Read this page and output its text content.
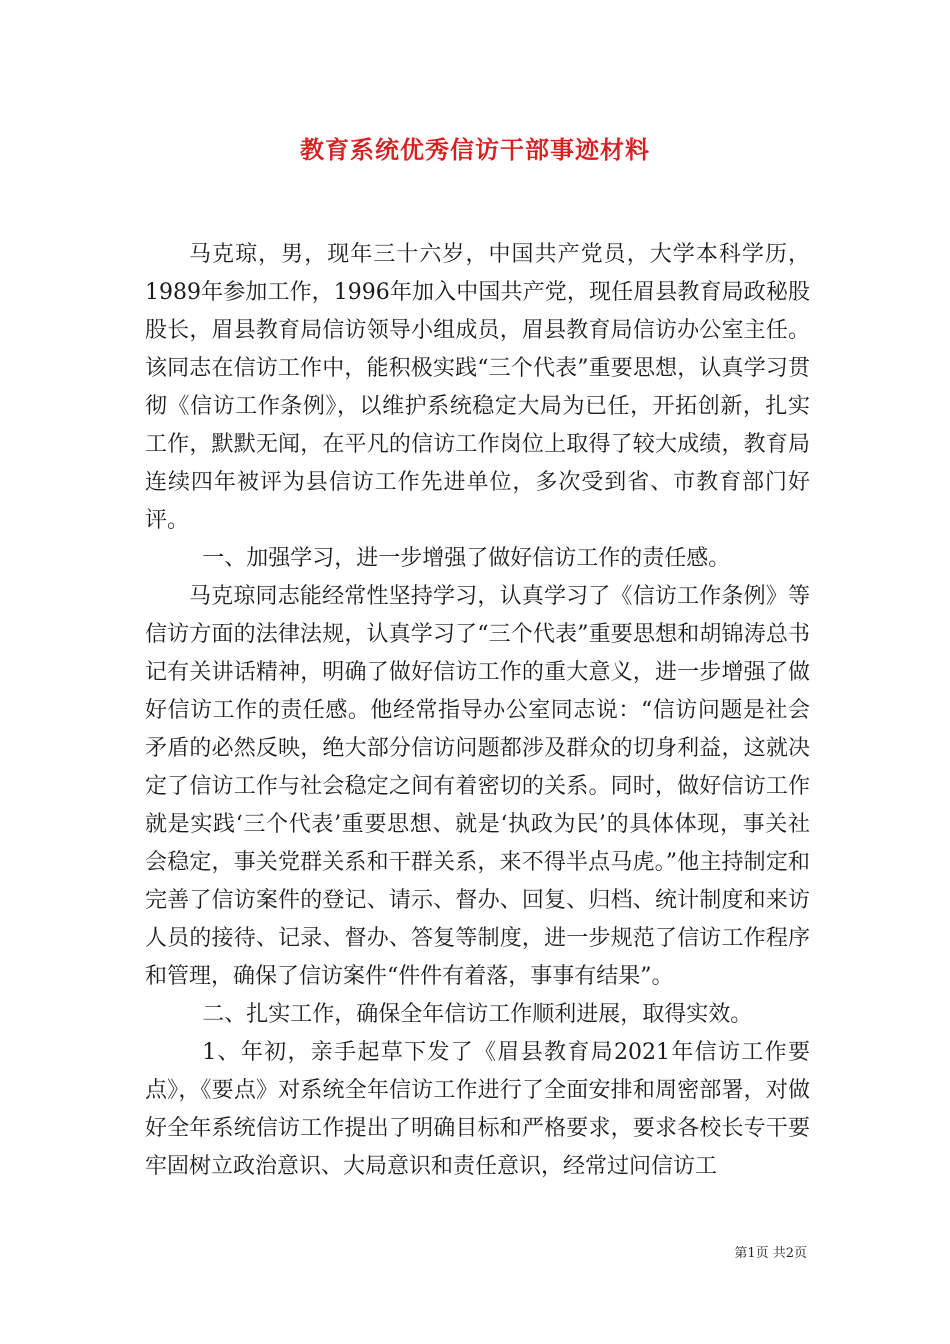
教育系统优秀信访干部事迹材料

马克琼，男，现年三十六岁，中国共产党员，大学本科学历，1989年参加工作，1996年加入中国共产党，现任眉县教育局政秘股股长，眉县教育局信访领导小组成员，眉县教育局信访办公室主任。该同志在信访工作中，能积极实践“三个代表”重要思想，认真学习贯彻《信访工作条例》，以维护系统稳定大局为已任，开拓创新，扎实工作，默默无闻，在平凡的信访工作岗位上取得了较大成绩，教育局连续四年被评为县信访工作先进单位，多次受到省、市教育部门好评。

一、加强学习，进一步增强了做好信访工作的责任感。

马克琼同志能经常性坚持学习，认真学习了《信访工作条例》等信访方面的法律法规，认真学习了“三个代表”重要思想和胡锦涛总书记有关讲话精神，明确了做好信访工作的重大意义，进一步增强了做好信访工作的责任感。他经常指导办公室同志说：“信访问题是社会矛盾的必然反映，绝大部分信访问题都涉及群众的切身利益，这就决定了信访工作与社会稳定之间有着密切的关系。同时，做好信访工作就是实践‘三个代表’重要思想、就是‘执政为民’的具体体现，事关社会稳定，事关党群关系和干群关系，来不得半点马虎。”他主持制定和完善了信访案件的登记、请示、督办、回复、归档、统计制度和来访人员的接待、记录、督办、答复等制度，进一步规范了信访工作程序和管理，确保了信访案件“件件有着落，事事有结果”。

二、扎实工作，确保全年信访工作顺利进展，取得实效。

1、年初，亲手起草下发了《眉县教育局2021年信访工作要点》，《要点》对系统全年信访工作进行了全面安排和周密部署，对做好全年系统信访工作提出了明确目标和严格要求，要求各校长专干要牢固树立政治意识、大局意识和责任意识，经常过问信访工

第1页 共2页
